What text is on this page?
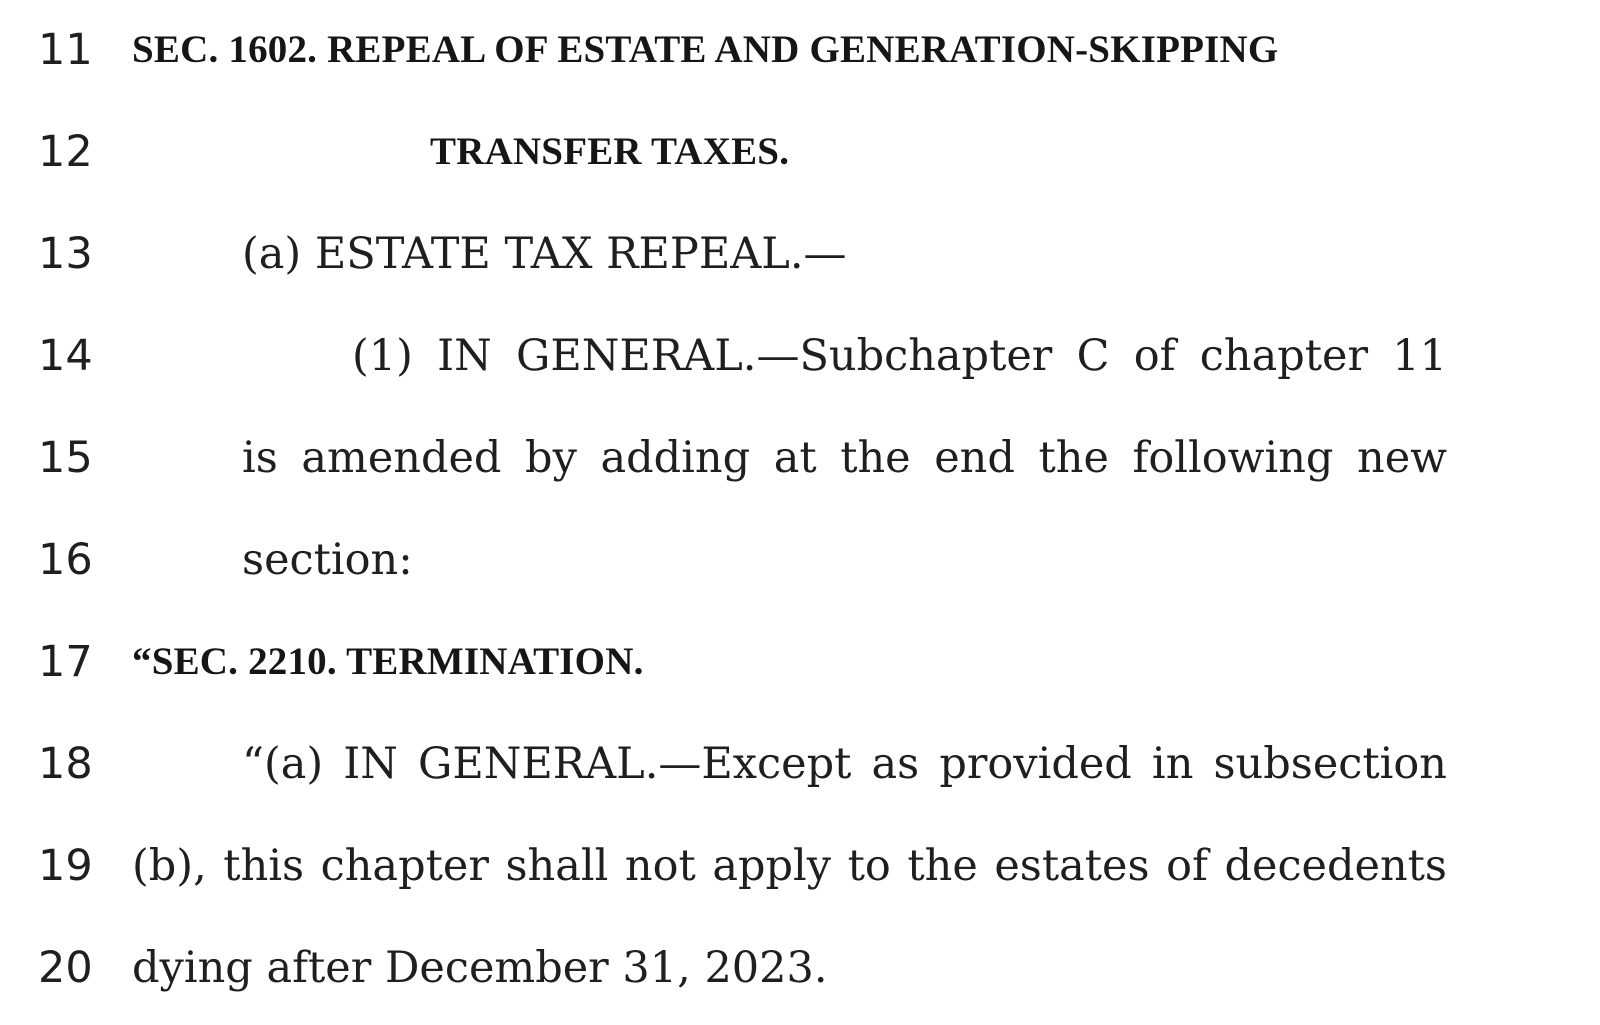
11 SEC. 1602. REPEAL OF ESTATE AND GENERATION-SKIPPING
12	TRANSFER TAXES.
13	(a) ESTATE TAX REPEAL.—
14	(1) IN GENERAL.—Subchapter C of chapter 11
15	is amended by adding at the end the following new
16	section:
17 “SEC. 2210. TERMINATION.
18	“(a) IN GENERAL.—Except as provided in subsection
19 (b), this chapter shall not apply to the estates of decedents
20 dying after December 31, 2023.
